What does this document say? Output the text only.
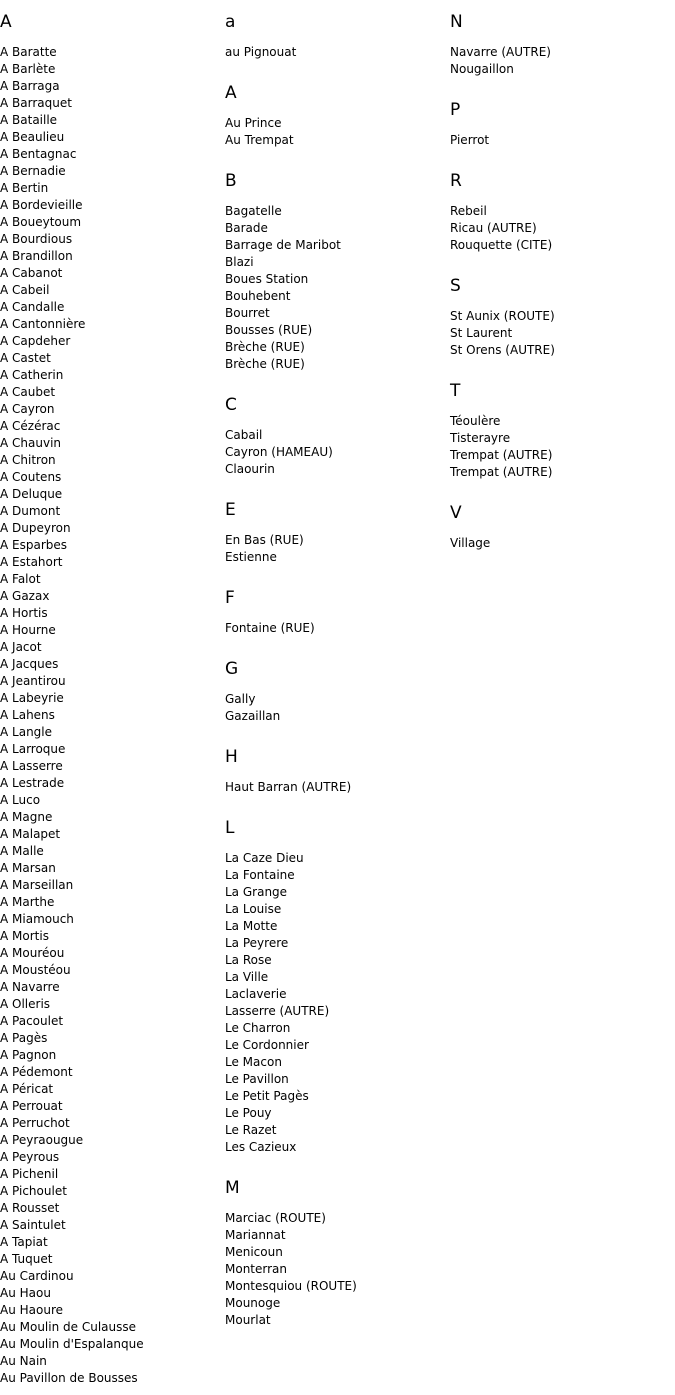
A
A Baratte
A Barlète
A Barraga
A Barraquet
A Bataille
A Beaulieu
A Bentagnac
A Bernadie
A Bertin
A Bordevieille
A Boueytoum
A Bourdious
A Brandillon
A Cabanot
A Cabeil
A Candalle
A Cantonnière
A Capdeher
A Castet
A Catherin
A Caubet
A Cayron
A Cézérac
A Chauvin
A Chitron
A Coutens
A Deluque
A Dumont
A Dupeyron
A Esparbes
A Estahort
A Falot
A Gazax
A Hortis
A Hourne
A Jacot
A Jacques
A Jeantirou
A Labeyrie
A Lahens
A Langle
A Larroque
A Lasserre
A Lestrade
A Luco
A Magne
A Malapet
A Malle
A Marsan
A Marseillan
A Marthe
A Miamouch
A Mortis
A Mouréou
A Moustéou
A Navarre
A Olleris
A Pacoulet
A Pagès
A Pagnon
A Pédemont
A Péricat
A Perrouat
A Perruchot
A Peyraougue
A Peyrous
A Pichenil
A Pichoulet
A Rousset
A Saintulet
A Tapiat
A Tuquet
Au Cardinou
Au Haou
Au Haoure
Au Moulin de Culausse
Au Moulin d'Espalanque
Au Nain
Au Pavillon de Bousses
a
au Pignouat
A
Au Prince
Au Trempat
B
Bagatelle
Barade
Barrage de Maribot
Blazi
Boues Station
Bouhebent
Bourret
Bousses (RUE)
Brèche (RUE)
Brèche (RUE)
C
Cabail
Cayron (HAMEAU)
Claourin
E
En Bas (RUE)
Estienne
F
Fontaine (RUE)
G
Gally
Gazaillan
H
Haut Barran (AUTRE)
L
La Caze Dieu
La Fontaine
La Grange
La Louise
La Motte
La Peyrere
La Rose
La Ville
Laclaverie
Lasserre (AUTRE)
Le Charron
Le Cordonnier
Le Macon
Le Pavillon
Le Petit Pagès
Le Pouy
Le Razet
Les Cazieux
M
Marciac (ROUTE)
Mariannat
Menicoun
Monterran
Montesquiou (ROUTE)
Mounoge
Mourlat
N
Navarre (AUTRE)
Nougaillon
P
Pierrot
R
Rebeil
Ricau (AUTRE)
Rouquette (CITE)
S
St Aunix (ROUTE)
St Laurent
St Orens (AUTRE)
T
Téoulère
Tisterayre
Trempat (AUTRE)
Trempat (AUTRE)
V
Village
